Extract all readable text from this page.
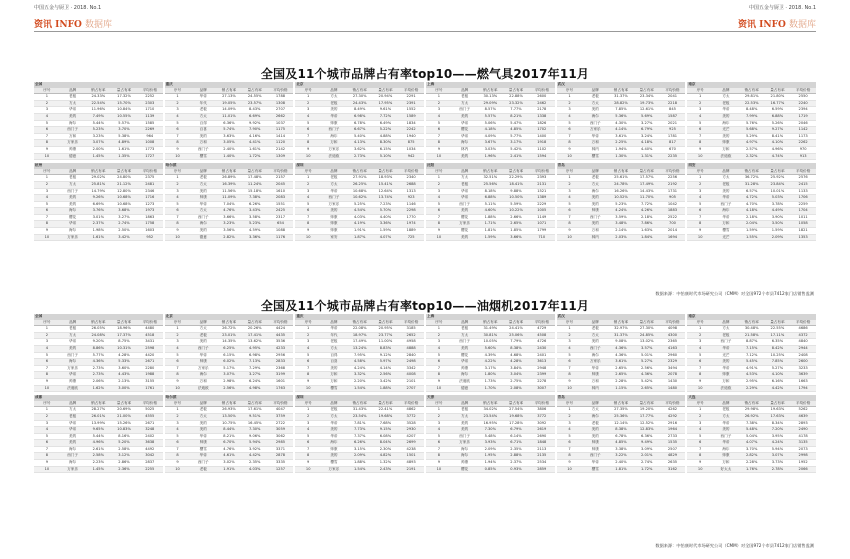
中国五金与厨卫 · 2018. No.1	中国五金与厨卫 · 2018. No.1
资讯 INFO 数据库	资讯 INFO 数据库
全国及11个城市品牌占有率top10——燃气具2017年11月
全国				
序号	品牌	销占有率	量占有率	平均价格
1	老板	24.33%	17.32%	2252
2	方太	22.54%	15.70%	2303
3	华帝	11.96%	10.84%	1710
4	美的	7.49%	10.55%	1139
5	海尔	5.44%	5.57%	1585
6	西门子	5.23%	3.70%	2269
7	万和	3.23%	5.38%	964
8	万家乐	3.07%	4.89%	1008
9	帅康	2.00%	1.61%	1773
10	德意	1.45%	1.35%	1727
重庆				
序号	品牌	销占有率	量占有率	平均价格
1	华帝	27.13%	24.55%	1788
2	年代	19.05%	23.57%	1308
3	老板	14.09%	8.43%	2707
4	方太	11.01%	6.69%	2662
5	百得	6.36%	9.92%	1037
6	百喜	5.74%	7.90%	1175
7	美的	3.63%	4.16%	1414
8	万和	3.05%	4.41%	1120
9	西门子	2.40%	1.61%	2142
10	樱雪	1.40%	1.72%	1309
北京				
序号	品牌	销占有率	量占有率	平均价格
1	方太	27.30%	20.94%	2291
2	老板	24.43%	17.95%	2391
3	美的	8.49%	9.61%	1552
4	华帝	6.98%	7.72%	1589
5	帅康	6.78%	6.49%	1834
6	西门子	6.67%	5.22%	2242
7	海尔	5.40%	4.88%	1940
8	万和	4.13%	8.30%	875
9	万家乐	3.62%	6.15%	1034
10	法迪欧	2.73%	5.10%	942
上海				
序号	品牌	销占有率	量占有率	平均价格
1	老板	30.13%	22.88%	2600
2	方太	29.09%	23.32%	2462
3	西门子	8.57%	7.77%	2178
4	美的	5.57%	8.21%	1338
5	华帝	5.06%	5.47%	1826
6	樱花	4.18%	4.85%	1702
7	华帝	4.09%	5.77%	1400
8	海尔	3.67%	3.17%	1918
9	林内	3.03%	5.42%	1102
10	美的	1.96%	2.41%	1594
武汉				
序号	品牌	销占有率	量占有率	平均价格
1	老板	31.37%	23.34%	2041
2	方太	28.82%	19.73%	2218
3	美的	7.85%	12.61%	845
4	海尔	5.36%	5.69%	1587
5	西门子	4.30%	3.27%	2021
6	万家乐	4.14%	6.79%	925
7	华帝	3.61%	3.24%	1781
8	万和	2.25%	4.18%	817
9	林内	1.94%	4.40%	670
10	樱雪	1.30%	1.31%	2235
南京				
序号	品牌	销占有率	量占有率	平均价格
1	方太	29.81%	21.80%	2550
2	老板	22.53%	16.77%	2240
3	华帝	8.48%	6.59%	2394
4	美的	7.99%	6.88%	1719
5	海尔	5.76%	5.26%	2046
6	光芒	5.68%	9.27%	1142
7	美的	5.29%	8.41%	1173
8	帅康	4.97%	4.10%	2262
9	万和	2.57%	4.96%	970
10	法迪欧	2.32%	4.74%	913
杭州				
序号	品牌	销占有率	量占有率	平均价格
1	老板	29.02%	24.80%	2375
2	方太	25.81%	21.12%	2481
3	西门子	14.79%	12.80%	2346
4	美的	9.26%	10.68%	1716
5	美的	6.69%	10.68%	1273
6	海尔	3.76%	3.68%	1973
7	樱花	3.01%	3.27%	1863
8	华帝	2.37%	2.74%	1758
9	海尔	1.98%	2.50%	1603
10	万家乐	1.61%	3.42%	952
哈尔滨				
序号	品牌	销占有率	量占有率	平均价格
1	老板	26.89%	17.48%	2157
2	方太	16.39%	11.24%	2045
3	美的	11.56%	15.18%	1610
4	帅康	11.09%	7.38%	2083
5	华帝	7.04%	6.26%	1551
6	方太	4.76%	3.43%	2425
7	西门子	3.66%	3.58%	2317
8	海尔	3.23%	5.23%	654
9	美的	3.56%	4.59%	1088
10	德意	2.82%	3.36%	1176
深圳				
序号	品牌	销占有率	量占有率	平均价格
1	老板	27.91%	18.93%	2340
2	方太	26.25%	15.41%	2688
3	华帝	10.68%	12.64%	1313
4	西门子	10.62%	13.74%	923
5	万家乐	5.25%	7.23%	1146
6	美的	4.54%	5.70%	2298
7	帅康	4.03%	4.40%	1770
8	帅康	4.19%	3.36%	1974
9	帅康	1.91%	1.59%	1889
10	家安	1.87%	4.07%	725
沈阳				
序号	品牌	销占有率	量占有率	平均价格
1	方太	32.51%	22.29%	2393
2	老板	25.56%	18.41%	2131
3	华帝	8.18%	9.88%	1521
4	华帝	6.88%	10.50%	1389
5	西门子	5.11%	5.59%	2229
6	美的	4.60%	10.22%	1005
7	樱花	1.88%	2.66%	1149
8	万家乐	1.71%	2.65%	1071
9	樱花	1.81%	1.85%	1799
10	美的	1.59%	3.66%	710
青岛				
序号	品牌	销占有率	量占有率	平均价格
1	老板	25.61%	17.57%	2256
2	方太	24.78%	17.49%	2192
3	海尔	16.26%	14.43%	1731
4	美的	10.52%	11.70%	905
5	美的	5.23%	7.72%	1042
6	帅康	4.24%	4.26%	1883
7	西门子	3.59%	2.18%	2522
8	美的	3.48%	7.86%	700
9	万和	2.14%	1.63%	2014
10	林内	2.03%	1.84%	1694
西安				
序号	品牌	销占有率	量占有率	平均价格
1	方太	36.72%	25.92%	2576
2	老板	31.28%	23.84%	2415
3	美的	6.57%	10.01%	1133
4	华帝	4.72%	5.03%	1706
5	西门子	4.70%	3.78%	2259
6	海尔	4.18%	4.49%	1704
7	华帝	2.18%	3.90%	1011
8	万和	2.04%	3.50%	1058
9	樱雪	1.59%	1.59%	1821
10	光芒	1.55%	2.09%	1353
数据来源：中怡康时代市场研究公司（CMM）对全国972个市县7412家门店销售监测
全国及11个城市品牌占有率top10——油烟机2017年11月
全国				
序号	品牌	销占有率	量占有率	平均价格
1	老板	26.05%	18.96%	4480
2	方太	24.08%	17.37%	4518
3	华帝	9.20%	8.75%	3431
4	美的	8.86%	10.31%	2598
5	西门子	5.77%	4.28%	4420
6	海尔	4.36%	5.33%	2671
7	万家乐	2.73%	3.60%	2280
8	华帝	2.73%	4.43%	1988
9	帅康	2.06%	2.13%	3155
10	法迪欧	1.62%	3.00%	1761
北京				
序号	品牌	销占有率	量占有率	平均价格
1	方太	26.72%	20.26%	4424
2	老板	23.01%	17.41%	4435
3	美的	14.35%	13.62%	3536
4	西门子	6.25%	4.95%	4233
5	华帝	6.15%	6.98%	2956
6	帅康	6.02%	7.13%	2833
7	万家乐	5.17%	7.29%	2368
8	海尔	3.07%	3.27%	3199
9	万和	2.98%	6.24%	1601
10	法迪欧	2.56%	4.98%	1763
重庆				
序号	品牌	销占有率	量占有率	平均价格
1	华帝	22.08%	20.95%	3185
2	年代	18.97%	23.77%	2652
3	老板	17.49%	11.00%	4958
4	方太	13.24%	8.83%	4888
5	百得	7.95%	9.12%	2840
6	百喜	4.58%	5.97%	2498
7	美的	4.24%	4.14%	3342
8	万和	3.32%	2.56%	4008
9	万和	2.20%	3.42%	2101
10	樱雪	1.54%	1.88%	2707
上海				
序号	品牌	销占有率	量占有率	平均价格
1	老板	31.49%	24.41%	4729
2	方太	30.81%	25.06%	4508
3	西门子	10.05%	7.79%	4726
4	美的	5.60%	8.38%	2430
5	樱花	4.39%	4.68%	2401
6	华帝	4.22%	4.28%	3613
7	帅康	3.17%	3.84%	2948
8	海尔	1.80%	3.04%	2399
9	法迪欧	1.73%	2.75%	2278
10	德意	1.70%	2.08%	3007
武汉				
序号	品牌	销占有率	量占有率	平均价格
1	老板	32.97%	27.30%	4098
2	方太	31.37%	24.85%	4300
3	美的	9.08%	13.02%	2365
4	西门子	4.36%	3.57%	4163
5	海尔	4.36%	5.01%	2960
6	万家乐	3.61%	5.27%	2329
7	华帝	2.65%	2.56%	3494
8	帅康	2.65%	4.36%	2078
9	万和	2.28%	5.42%	1430
10	林内	1.15%	2.65%	1480
南京				
序号	品牌	销占有率	量占有率	平均价格
1	方太	30.48%	22.55%	4686
2	老板	21.58%	17.11%	4372
3	西门子	8.87%	6.35%	4840
4	华帝	7.15%	8.42%	2944
5	光芒	7.12%	10.25%	2408
6	美的	5.45%	7.85%	2600
7	华帝	4.91%	5.27%	3233
8	帅康	4.53%	4.10%	3639
9	万和	2.95%	6.16%	1663
10	法迪欧	2.29%	4.42%	1794
成都				
序号	品牌	销占有率	量占有率	平均价格
1	方太	28.27%	20.69%	5025
2	老板	26.01%	21.00%	4555
3	华帝	13.99%	15.26%	2671
4	华帝	9.65%	10.83%	3248
5	美的	5.44%	8.16%	2402
6	美的	4.96%	5.20%	3638
7	海尔	2.61%	2.58%	4492
8	西门子	2.58%	3.12%	3042
9	海尔	2.23%	2.86%	2837
10	万家乐	1.45%	2.36%	2255
哈尔滨				
序号	品牌	销占有率	量占有率	平均价格
1	老板	26.93%	17.61%	4047
2	方太	13.50%	9.51%	3759
3	美的	10.75%	16.45%	2722
4	美的	8.44%	7.30%	3059
5	华帝	8.21%	9.06%	3062
6	帅康	6.70%	5.94%	2985
7	樱雪	4.76%	3.92%	3371
8	华帝	4.61%	4.42%	2878
9	西门子	3.02%	2.35%	3335
10	老板	1.91%	4.03%	1257
深圳				
序号	品牌	销占有率	量占有率	平均价格
1	老板	31.43%	22.41%	4862
2	方太	23.54%	19.68%	3772
3	华帝	7.81%	7.68%	3528
4	美的	7.73%	9.15%	2930
5	华帝	7.37%	6.08%	4207
6	海尔	6.26%	8.04%	2699
7	帅康	3.15%	2.30%	4238
8	美的	2.09%	4.82%	1501
9	樱雪	1.88%	1.32%	4893
10	万家乐	1.54%	2.43%	2191
天津				
序号	品牌	销占有率	量占有率	平均价格
1	老板	34.02%	27.54%	3806
2	方太	23.54%	19.68%	3772
3	美的	16.95%	17.28%	3092
4	美的	7.30%	6.79%	2619
5	西门子	5.48%	6.14%	2690
6	万家乐	3.93%	6.71%	1848
7	海尔	2.09%	2.35%	2113
8	海尔	1.95%	2.88%	2135
9	帅康	1.94%	2.37%	2534
10	樱花	0.85%	0.93%	2859
青岛				
序号	品牌	销占有率	量占有率	平均价格
1	方太	27.35%	19.20%	4262
2	海尔	25.36%	17.77%	4292
3	老板	12.14%	12.52%	2916
4	美的	8.38%	12.83%	1964
5	美的	6.78%	6.36%	2733
6	帅康	4.85%	9.49%	1535
7	帅康	3.38%	3.09%	2507
8	西门子	3.22%	2.01%	4829
9	华帝	2.40%	2.74%	2635
10	樱雪	1.81%	1.72%	3162
大连				
序号	品牌	销占有率	量占有率	平均价格
1	老板	29.98%	19.63%	5262
2	方太	26.92%	17.63%	4639
3	华帝	7.38%	8.34%	2893
4	美的	5.48%	7.20%	2490
5	西门子	5.04%	3.95%	4178
6	华帝	4.07%	4.24%	3135
7	海尔	3.70%	5.94%	2073
8	帅康	2.82%	3.07%	2998
9	万和	2.28%	3.73%	1952
10	好太太	1.76%	2.78%	2066
数据来源：中怡康时代市场研究公司（CMM）对全国972个市县7412家门店销售监测
